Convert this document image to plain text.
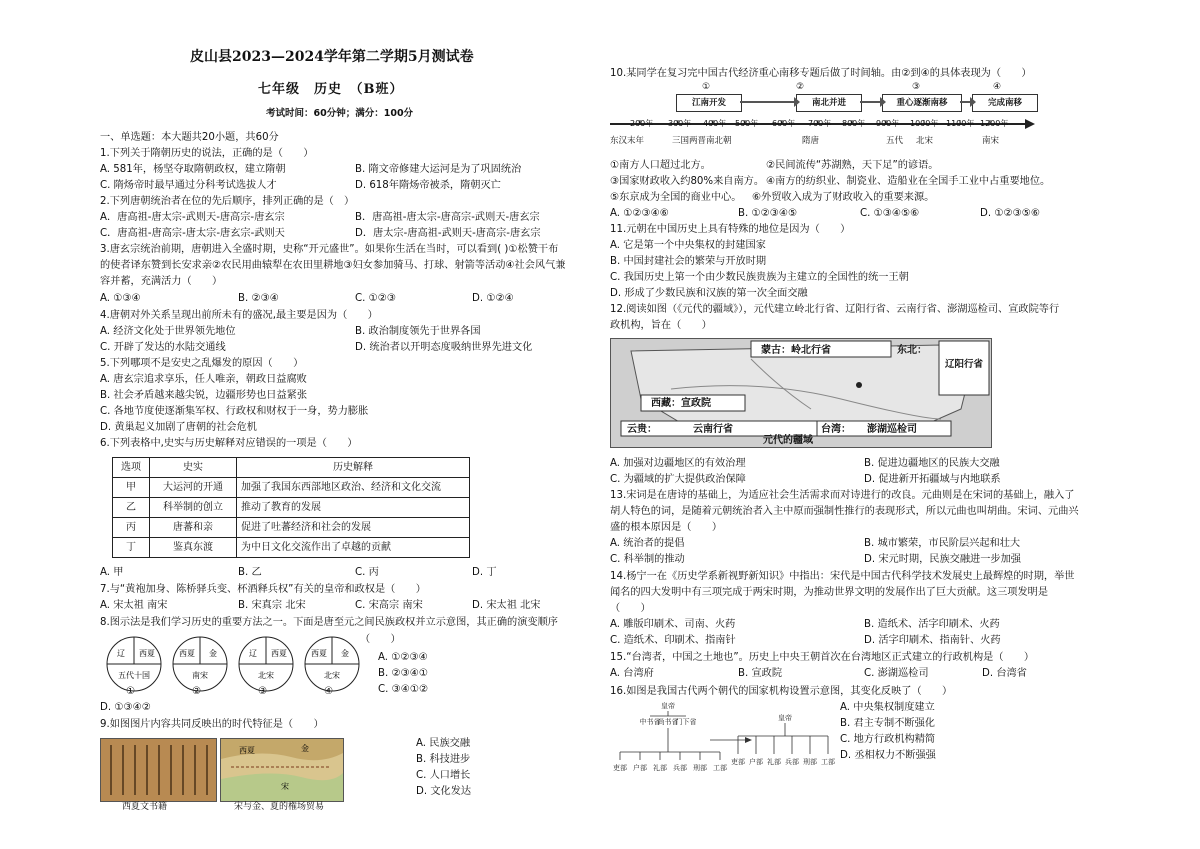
皮山县2023—2024学年第二学期5月测试卷
七年级　历史　（B班）
考试时间：60分钟；满分：100分
一、单选题：本大题共20小题，共60分
1.下列关于隋朝历史的说法，正确的是（　　）
A. 581年，杨坚夺取隋朝政权，建立隋朝	B. 隋文帝修建大运河是为了巩固统治
C. 隋炀帝时最早通过分科考试选拔人才	D. 618年隋炀帝被杀，隋朝灭亡
2.下列唐朝统治者在位的先后顺序，排列正确的是（　）
A．唐高祖-唐太宗-武则天-唐高宗-唐玄宗	B．唐高祖-唐太宗-唐高宗-武则天-唐玄宗
C．唐高祖-唐高宗-唐太宗-唐玄宗-武则天	D．唐太宗-唐高祖-武则天-唐高宗-唐玄宗
3.唐玄宗统治前期，唐朝进入全盛时期，史称“开元盛世”。如果你生活在当时，可以看到( )①松赞干布
的使者译东赞到长安求亲②农民用曲辕犁在农田里耕地③妇女参加骑马、打球、射箭等活动④社会风气兼
容并蓄，充满活力（　　）
A. ①③④	B. ②③④	C. ①②③	D. ①②④
4.唐朝对外关系呈现出前所未有的盛况,最主要是因为（　　）
A. 经济文化处于世界领先地位	B. 政治制度领先于世界各国
C. 开辟了发达的水陆交通线	D. 统治者以开明态度吸纳世界先进文化
5.下列哪项不是安史之乱爆发的原因（　　）
A. 唐玄宗追求享乐，任人唯亲，朝政日益腐败
B. 社会矛盾越来越尖锐，边疆形势也日益紧张
C. 各地节度使逐渐集军权、行政权和财权于一身，势力膨胀
D. 黄巢起义加剧了唐朝的社会危机
6.下列表格中,史实与历史解释对应错误的一项是（　　）
选项	史实	历史解释
甲	大运河的开通	加强了我国东西部地区政治、经济和文化交流
乙	科举制的创立	推动了教育的发展
丙	唐蕃和亲	促进了吐蕃经济和社会的发展
丁	鉴真东渡	为中日文化交流作出了卓越的贡献
A. 甲	B. 乙	C. 丙	D. 丁
7.与“黄袍加身、陈桥驿兵变、杯酒释兵权”有关的皇帝和政权是（　　）
A. 宋太祖 南宋	B. 宋真宗 北宋	C. 宋高宗 南宋	D. 宋太祖 北宋
8.图示法是我们学习历史的重要方法之一。下面是唐至元之间民族政权并立示意图，其正确的演变顺序
（　　）
辽 西夏
五代十国
西夏 金
南宋
辽 西夏
北宋
西夏 金
北宋
①	②	③	④
A. ①②③④
B. ②③④①
C. ③④①②
D. ①③④②
9.如图图片内容共同反映出的时代特征是（　　）
西夏文书籍
西夏	金
宋
宋与金、夏的権场贸易
A. 民族交融
B. 科技进步
C. 人口增长
D. 文化发达
10.某同学在复习完中国古代经济重心南移专题后做了时间轴。由②到④的具体表现为（　　）
①	②	③	④
江南开发	南北并进	重心逐渐南移	完成南移
200年 300年 400年 500年 600年 700年 800年 900年 1000年 1100年 1200年
东汉末年	三国两晋南北朝	隋唐	五代 北宋	南宋
①南方人口超过北方。	②民间流传“苏湖熟，天下足”的谚语。
③国家财政收入约80%来自南方。 ④南方的纺织业、制瓷业、造船业在全国手工业中占重要地位。
⑤东京成为全国的商业中心。 ⑥外贸收入成为了财政收入的重要来源。
A. ①②③④⑥	B. ①②③④⑤	C. ①③④⑤⑥	D. ①②③⑤⑥
11.元朝在中国历史上具有特殊的地位是因为（　　）
A. 它是第一个中央集权的封建国家
B. 中国封建社会的繁荣与开放时期
C. 我国历史上第一个由少数民族贵族为主建立的全国性的统一王朝
D. 形成了少数民族和汉族的第一次全面交融
12.阅读如图（《元代的疆域》），元代建立岭北行省、辽阳行省、云南行省、澎湖巡检司、宣政院等行
政机构，旨在（　　）
蒙古：岭北行省	东北：
辽阳行省
西藏：宣政院
云贵：	云南行省	台湾： 澎湖巡检司
元代的疆域
A. 加强对边疆地区的有效治理	B. 促进边疆地区的民族大交融
C. 为疆域的扩大提供政治保障	D. 促进新开拓疆域与内地联系
13.宋词是在唐诗的基础上，为适应社会生活需求而对诗进行的改良。元曲则是在宋词的基础上，融入了
胡人特色的词，是随着元朝统治者入主中原而强制性推行的表现形式，所以元曲也叫胡曲。宋词、元曲兴
盛的根本原因是（　　）
A. 统治者的提倡	B. 城市繁荣，市民阶层兴起和壮大
C. 科举制的推动	D. 宋元时期，民族交融进一步加强
14.杨宁一在《历史学系新视野新知识》中指出：宋代是中国古代科学技术发展史上最辉煌的时期，举世
闻名的四大发明中有三项完成于两宋时期，为推动世界文明的发展作出了巨大贡献。这三项发明是
（　　）
A. 雕版印刷术、司南、火药	B. 造纸术、活字印刷术、火药
C. 造纸术、印刷术、指南针	D. 活字印刷术、指南针、火药
15.“台湾者，中国之土地也”。历史上中央王朝首次在台湾地区正式建立的行政机构是（　　）
A. 台湾府	B. 宣政院	C. 澎湖巡检司	D. 台湾省
16.如图是我国古代两个朝代的国家机构设置示意图，其变化反映了（　　）
皇帝
中书省
尚书省
门下省
吏部 户部 礼部 兵部 刑部 工部
皇帝
吏部 户部 礼部 兵部 刑部 工部
A. 中央集权制度建立
B. 君主专制不断强化
C. 地方行政机构精简
D. 丞相权力不断强强
